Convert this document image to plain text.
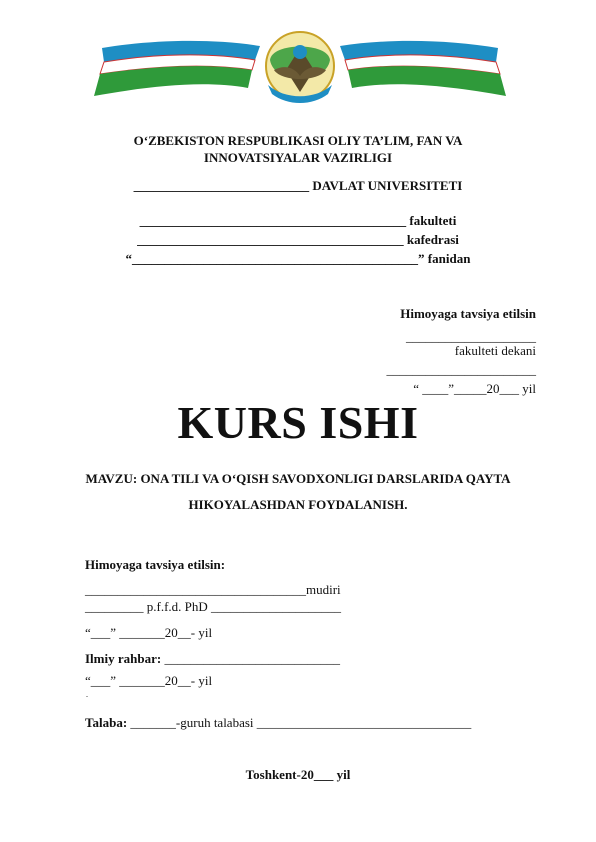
O‘ZBEKISTON RESPUBLIKASI OLIY TA’LIM, FAN VA
INNOVATSIYALAR VAZIRLIGI
___________________________ DAVLAT UNIVERSITETI
_________________________________________ fakulteti
_________________________________________ kafedrasi
“____________________________________________” fanidan
Himoyaga tavsiya etilsin
____________________
fakulteti dekani
_______________________
“ ____”_____20___ yil
KURS ISHI
MAVZU: ONA TILI VA O‘QISH SAVODXONLIGI DARSLARIDA QAYTA
HIKOYALASHDAN FOYDALANISH.
Himoyaga tavsiya etilsin:
__________________________________mudiri
_________ p.f.f.d. PhD ____________________
“___” _______20__- yil
Ilmiy rahbar: ___________________________
“___” _______20__- yil
.
Talaba: _______-guruh talabasi _________________________________
Toshkent-20___ yil
